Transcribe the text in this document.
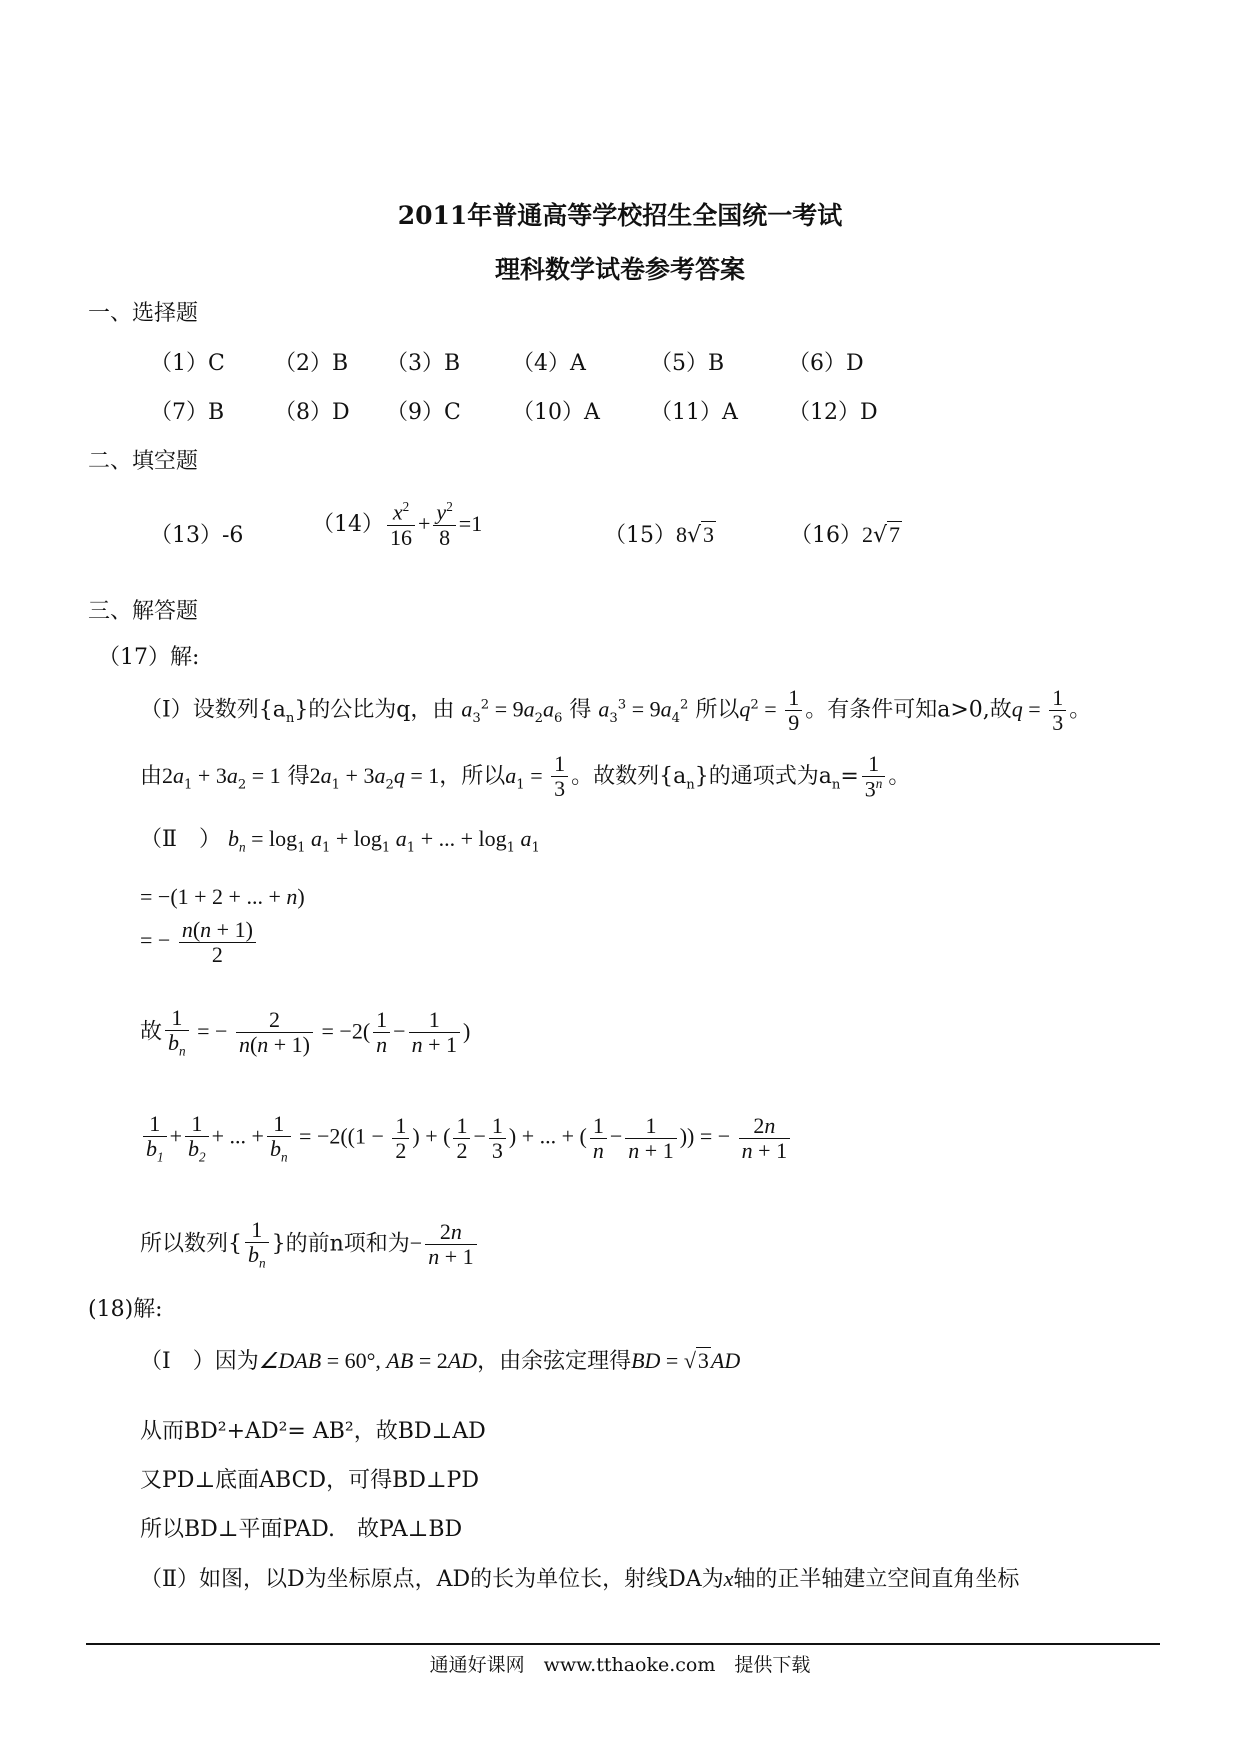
2011年普通高等学校招生全国统一考试
理科数学试卷参考答案
一、选择题
（1）C （2）B （3）B （4）A	（5）B	（6）D
（7）B （8）D （9）C （10）A （11）A （12）D
二、填空题
（13）-6	$(14) \frac{x^2}{16} + \frac{y^2}{8} =1$	（15）8√3	（16）2√7
三、解答题
（17）解:
（Ⅰ）设数列$\{a_n\}$的公比为q，由 $a_3^2 = 9a_2a_6$ 得 $a_3^3 = 9a_4^2$ 所以$q^2 = \frac{1}{9}$ 。有条件可知a>0,故$q = \frac{1}{3}$ 。
由$2a_1 + 3a_2 = 1$ 得$2a_1 + 3a_2q = 1$，所以$a_1 = \frac{1}{3}$ 。故数列$\{a_n\}$的通项式为$a_n= \frac{1}{3^n}$ 。
（Ⅱ　） $b_n = \log_1 a_1 + \log_1 a_1$ + ... + $\log_1 a_1$
= −(1 + 2 + ... + n)
= − $\frac{n(n + 1)}{2}$
故 $\frac{1}{b_n}$ = − $\frac{2}{n(n + 1)} = -2( \frac{1}{n} - \frac{1}{n + 1}$ )
$\frac{1}{b_1} + \frac{1}{b_2}$ + ... + $\frac{1}{b_n} = -2((1 - \frac{1}{2}$ ) + ( $\frac{1}{2} - \frac{1}{3}$ ) + ... + ( $\frac{1}{n} - \frac{1}{n + 1}$ )) = − $\frac{2n}{n + 1}$
所以数列{ $\frac{1}{b_n}$ }的前n项和为− $\frac{2n}{n + 1}$
(18)解:
（Ⅰ　）因为∠DAB = 60°, AB = 2AD，由余弦定理得BD = √3AD
从而BD²+AD²= AB²，故BD⊥AD
又PD⊥底面ABCD，可得BD⊥PD
所以BD⊥平面PAD.　故PA⊥BD
（Ⅱ）如图，以D为坐标原点，AD的长为单位长，射线DA为x轴的正半轴建立空间直角坐标
通通好课网　www.tthaoke.com　提供下载
